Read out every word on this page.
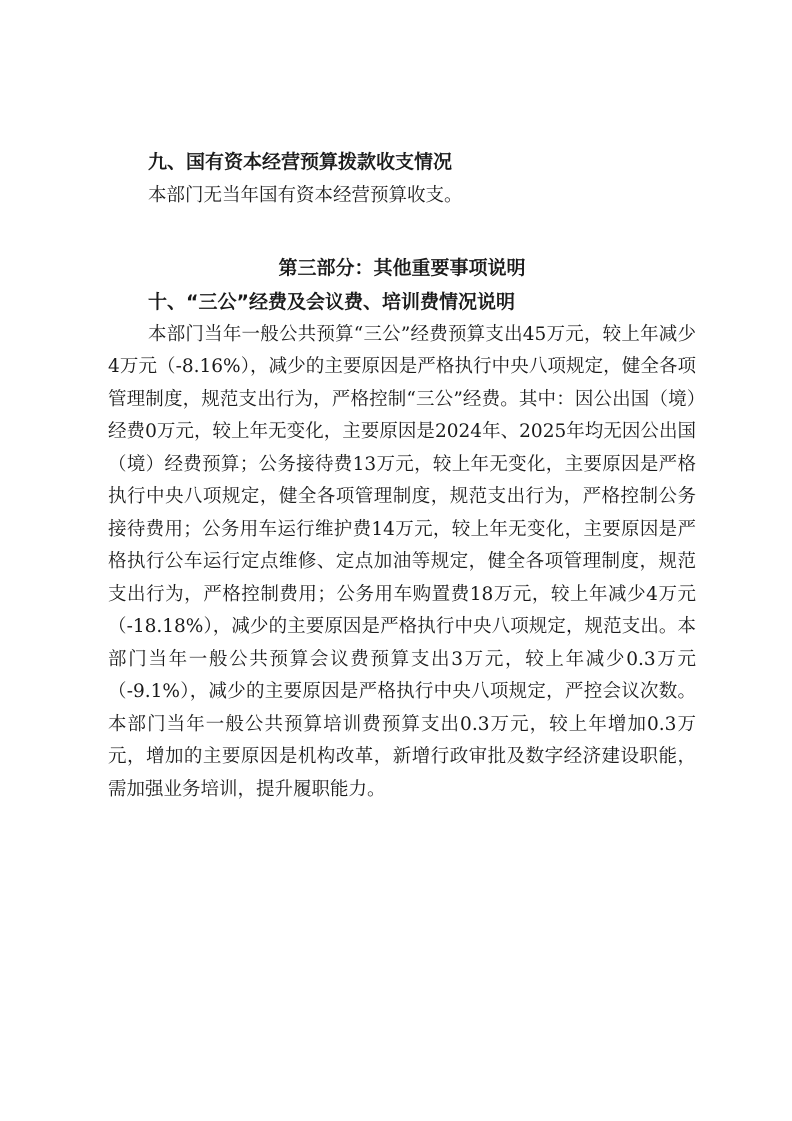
九、国有资本经营预算拨款收支情况

本部门无当年国有资本经营预算收支。

第三部分：其他重要事项说明
十、“三公”经费及会议费、培训费情况说明

本部门当年一般公共预算“三公”经费预算支出45万元，较上年减少4万元（-8.16%），减少的主要原因是严格执行中央八项规定，健全各项管理制度，规范支出行为，严格控制“三公”经费。其中：因公出国（境）经费0万元，较上年无变化，主要原因是2024年、2025年均无因公出国（境）经费预算；公务接待费13万元，较上年无变化，主要原因是严格执行中央八项规定，健全各项管理制度，规范支出行为，严格控制公务接待费用；公务用车运行维护费14万元，较上年无变化，主要原因是严格执行公车运行定点维修、定点加油等规定，健全各项管理制度，规范支出行为，严格控制费用；公务用车购置费18万元，较上年减少4万元（-18.18%），减少的主要原因是严格执行中央八项规定，规范支出。本部门当年一般公共预算会议费预算支出3万元，较上年减少0.3万元（-9.1%），减少的主要原因是严格执行中央八项规定，严控会议次数。本部门当年一般公共预算培训费预算支出0.3万元，较上年增加0.3万元，增加的主要原因是机构改革，新增行政审批及数字经济建设职能，需加强业务培训，提升履职能力。
